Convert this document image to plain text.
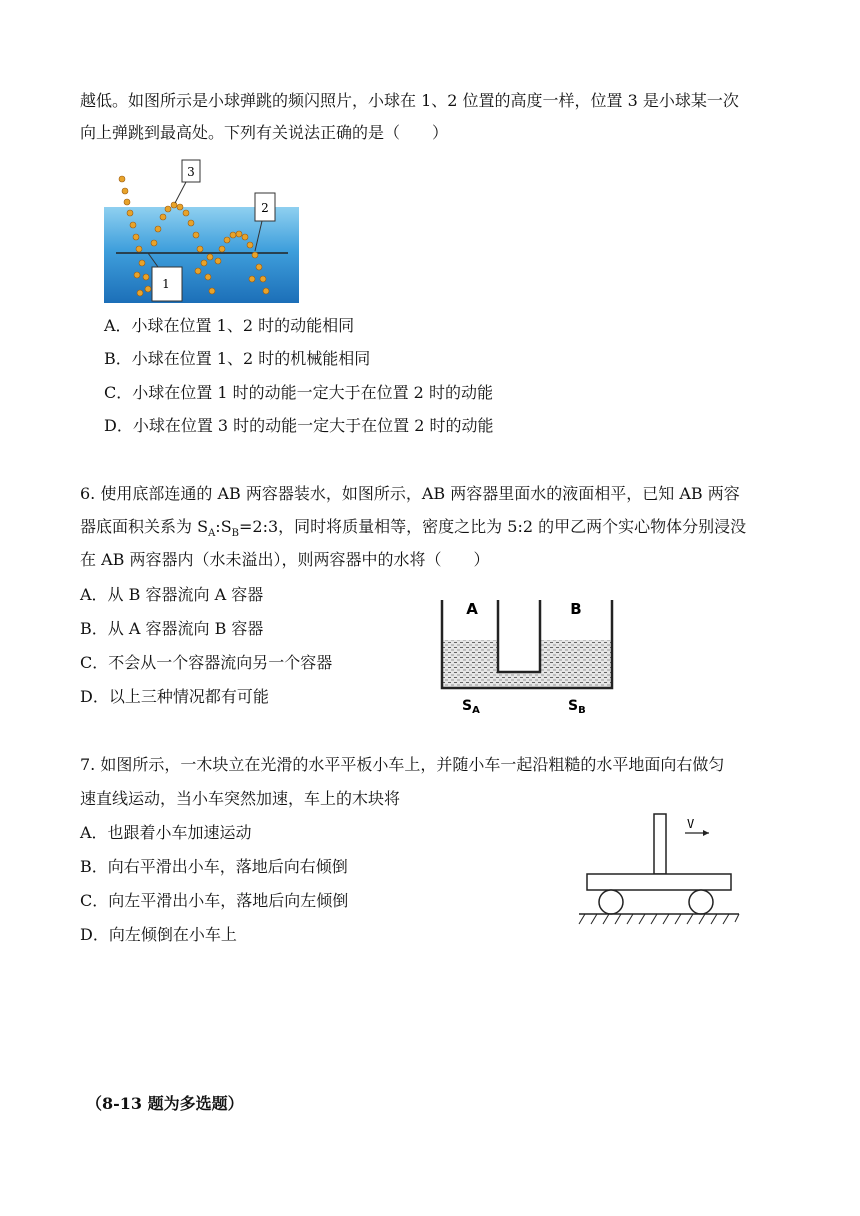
越低。如图所示是小球弹跳的频闪照片，小球在 1、2 位置的高度一样，位置 3 是小球某一次
向上弹跳到最高处。下列有关说法正确的是（　　）
3
2
1
A．小球在位置 1、2 时的动能相同
B．小球在位置 1、2 时的机械能相同
C．小球在位置 1 时的动能一定大于在位置 2 时的动能
D．小球在位置 3 时的动能一定大于在位置 2 时的动能
6. 使用底部连通的 AB 两容器装水，如图所示，AB 两容器里面水的液面相平，已知 AB 两容
器底面积关系为 $S_A:S_B=2:3$，同时将质量相等，密度之比为 5:2 的甲乙两个实心物体分别浸没
在 AB 两容器内（水未溢出），则两容器中的水将（　　）
A．从 B 容器流向 A 容器
B．从 A 容器流向 B 容器
C．不会从一个容器流向另一个容器
D．以上三种情况都有可能
A	B
$S_A$	$S_B$
7. 如图所示，一木块立在光滑的水平平板小车上，并随小车一起沿粗糙的水平地面向右做匀
速直线运动，当小车突然加速，车上的木块将
A．也跟着小车加速运动
B．向右平滑出小车，落地后向右倾倒
C．向左平滑出小车，落地后向左倾倒
D．向左倾倒在小车上
V
（8-13 题为多选题）
